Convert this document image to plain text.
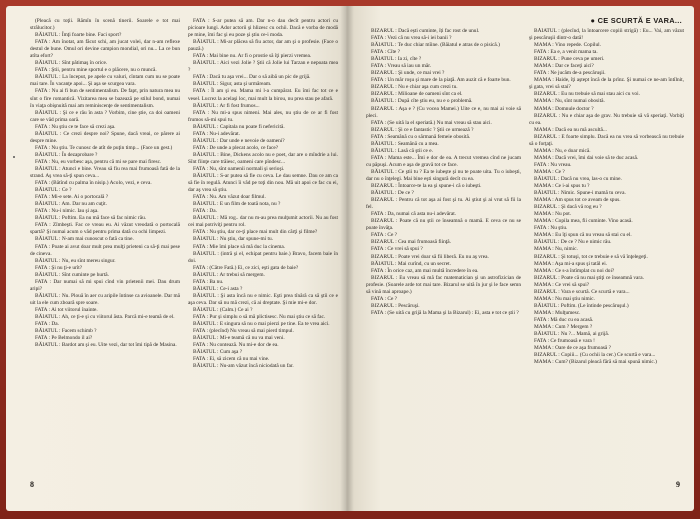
(Pleacă cu toţii. Rămîn în scenă tinerii. Soarele e tot mai strălucitor.)

BĂIATUL : Îmţi foarte bine. Faci sport?

FATA : Am înotat, am făcut schi, am jucat volei, dar n-am reflexe destul de bune. Omul ori devine campion mondial, ori nu... La ce bun atîta efort?

BĂIATUL : Sînt pătimaş în orice.

FATA : Ştii, pentru mine sportul e o plăcere, nu o muncă.

BĂIATUL : La început, pe apele cu valuri, cîntam cum nu se poate mai tare. În vacanţe apoi... Şi aşa se scurgea vara.

FATA : Nu ai fi bun de sentimentalism. De fapt, prin natura mea nu sînt o fire romantică. Vizitarea mea se bazează pe stilul bond, numai în viaţa obişnuită mai am reminiscenţe de sentimentalism.

BĂIATUL : Şi ce e rău în asta ? Vorbim, cine ştie, ca doi oameni care se văd prima oară.

FATA : Nu ştiu ce te face să crezi aşa.

BĂIATUL : Ce crezi despre noi? Spune, dacă vreai, ce părere ai despre mine.

FATA : Nu ştiu. Te cunosc de atît de puţin timp... (Face un gest.)

BĂIATUL : În dezaprobare ?

FATA : Nu, eu vorbesc aşa, pentru că mi se pare mai firesc.

BĂIATUL : Atunci e bine. Vreau să fiu rea mai frumoasă fată de la strand. Aş vrea să-ţi spun ceva...

FATA : (Bătînd cu palma în nisip.) Acolo, vezi, e ceva.

BĂIATUL : Ce ?

FATA : Mi-e sete. Ai o portocală ?

BĂIATUL : Am. Dar nu am cuţit.

FATA : Nu-i nimic. Iau şi aşa.

BĂIATUL : Poftim. Ea nu mă face să fac nimic rău.

FATA : Zîmbeşti. Fac ce vreau eu. Ai văzut vreodată o portocală spartă? Şi numai acum o văd pentru prima dată cu ochi limpezi.

BĂIATUL : N-am mai cunoscut o fată ca tine.

FATA : Poate ai avut doar mult prea mulţi prieteni ca să-ţi mai pese de cineva.

BĂIATUL : Nu, eu sînt mereu singur.

FATA : Şi nu ţi-e urît?

BĂIATUL : Sînt cuminte pe hurtă.

FATA : Dar numai să mi spui cînd vin prietenii mei. Dau drum aripi?

BĂIATUL : Nu. Plouă în aer cu aripile întinse ca avioanele. Dar mă uit la ele cum zboară spre soare.

FATA : Ai tot viitorul înainte.

BĂIATUL : Ah, ce ţi-e şi cu viitorul ăsta. Parcă mi-e teamă de el.

FATA : Da.

BĂIATUL : Facem schimb ?

FATA : Pe Belmondo il ai?

BĂIATUL : Bardot am şi eu. Uite vezi, dar tot îmi tipă de Masina.

FATA : S-ar putea să am. Dar n-o dau decît pentru actori cu picioare lungi. Ador actorii şi hlizesc cu ochii. Dacă e vorba de modă pe mine, îmi fac şi eu poze şi ştiu ce-i moda.

BĂIATUL : Mi-ar plăcea să fiu actor, dar am şi o profesie. (Face o pauză.)

FATA : Mai bine nu. Ar fi o prostie să îţi pierzi vremea.

BĂIATUL : Aici vezi Jolie ? Ştii că Jolie lui Tarzan e nepoata mea ?

FATA : Dacă tu aşa vrei... Dar o să aibă un pic de grijă.

BĂIATUL : Sigur, asta şi urmăream.

FATA : Îl am şi eu. Mama mi l-a cumpărat. Eu îmi fac tot ce e vesel. Lucrez la acelaşi loc, mai mult la birou, nu prea stau pe afară.

BĂIATUL : Ar fi fost frumos...

FATA : Nu mi-a spus nimeni. Mai ales, nu ştiu de ce ar fi fost frumos să-mi spui tu.

BĂIATUL : Capitala nu poate fi nefericită.

FATA : Nu-i adevărat.

BĂIATUL : Dar unde e nevoie de oameni?

FATA : De unde a plecat acolo, ce face?

BĂIATUL : Bine, Dickens acolo nu e poet, dar are o mîndrie a lui. Sînt fiinţe care trăiesc, oameni care pîndesc...

FATA : Nu, sînt oamenii normali şi serioşi.

BĂIATUL : S-ar putea să fie cu ceva. Le dau semne. Dau ce am ca să fie în regulă. Atunci îi văd pe toţi din nou. Mă uit apoi ce fac cu ei, dar aş vrea să ştiu.

FATA : Nu. Am văzut doar filmul.

BĂIATUL : E un film de toată nota, nu ?

FATA : Da.

BĂIATUL : Mă rog.. dar nu m-au prea mulţumit actorii. Nu au fost cei mai potriviţi pentru rol.

FATA : Nu ştiu, dar ce-ţi place mai mult din cărţi şi filme?

BĂIATUL : Nu ştiu, dar spune-mi tu.

FATA : Mie îmi place să mă duc la cinema.

BĂIATUL : (intră şi el, echipat pentru baie.) Bravo, facem baie în doi.

FATA : (Către Fată.) Ei, ce zici, eşti gata de baie?

BĂIATUL : Ar trebui să mergem.

FATA : Ba nu.

BĂIATUL : Ce-i asta ?

BĂIATUL : Şi asta încă nu e nimic. Eşti prea tînără ca să ştii ce e aşa ceva. Dar să nu mă crezi, că ai dreptate. Şi mie mi-e dor.

BĂIATUL : (Calm.) Ce ai ?

FATA : Pur şi simplu o să mă plictisesc. Nu mai ştiu ce să fac.

BĂIATUL : E singura să nu o mai pierzi pe tine. Ea te vrea aici.

FATA : (plecînd) Nu vreau să mai pierd timpul.

BĂIATUL : Mi-e teamă că nu va mai veni.

FATA : Nu contează. Nu mi-e dor de ea.

BĂIATUL : Cum aşa ?

FATA : Ei, să zicem că nu mai vine.

BĂIATUL : Nu-am văzut încă niciodată un far.

8
● CE SCURTĂ E VARA...

BIZARUL : Dacă ești cuminte, îți fac rost de unul.

FATA : Vezi că nu vrea să-i iei banii ?

BĂIATUL : Te duc chiar mîine. (Băiatul e atras de o pisică.)

FATA : Cîte ?

BĂIATUL : Ia zi, cîte ?

FATA : Vreau să iau un măr.

BIZARUL : Şi unde, ce mai vrei ?

FATA : Un măr roşu şi mare de la piaţă. Am auzit că e foarte bun.

BIZARUL : Nu e chiar aşa cum crezi tu.

BIZARUL : Milioane de oameni sînt ca el.

BĂIATUL : După cîte ştiu eu, nu e o problemă.

BIZARUL : Aşa e ? (Cu vocea Mamei.) Uite ce e, nu mai ai voie să pleci.

FATA : (Se uită la el speriată.) Nu mai vreau să stau aici.

BIZARUL : Şi ce e fantastic ? Ştii ce urmează ?

FATA : Seamănă cu o sărmană femeie obosită.

BĂIATUL : Seamănă cu a mea.

BĂIATUL : Lasă că ştii ce e.

FATA : Mama este... Îmi e dor de ea. A trecut vremea cînd ne jucam cu păpuşi. Acum e aşa de gravă tot ce face.

BĂIATUL : Ce ştii tu ? Ea te iubeşte şi nu te poate uita. Tu o iubeşti, dar nu o înţelegi. Mai bine eşti singură decît cu ea.

BIZARUL : Întoarce-te la ea şi spune-i că o iubeşti.

BĂIATUL : De ce ?

BIZARUL : Pentru că tot aşa ai fost şi tu. Ai ştiut şi ai vrut să fii la fel.

FATA : Da, numai că asta nu-i adevărat.

BIZARUL : Poate că nu ştii ce înseamnă o mamă. E ceva ce nu se poate învăţa.

FATA : Ce ?

BIZARUL : Cea mai frumoasă fiinţă.

FATA : Ce vrei să spui ?

BIZARUL : Poate vrei doar să fii liberă. Eu nu aş vrea.

BĂIATUL : Mai curînd, cu un secret.

FATA : În orice caz, am mai multă încredere în ea.

BIZARUL : Eu vreau să mă fac matematician şi un astrofizician de profesie. (Soarele arde tot mai tare. Bizarul se uită în jur şi le face semn să vină mai aproape.)

FATA : Ce ?

BIZARUL : Pescăruşi.

FATA : (Se uită cu grijă la Mama şi la Bizarul) : Ei, asta e tot ce ştii ?

BĂIATUL : (plecînd, la întoarcere copiii strigă) : Eu... Vai, am văzut şi pescăruşii dintr-o dată!

MAMA : Vino repede. Copilul.

FATA : Ea e, a venit mama ta.

BIZARUL : Pune ceva pe umeri.

MAMA : Dar ce faceţi aici?

FATA : Ne jucăm de-a pescăruşii.

MAMA : Haide, îţi aştept încă de la prînz. Şi numai ce ne-am întîlnit, şi gata, vrei să stai?

BIZARUL : Eu nu trebuie să mai stau aici cu voi.

MAMA : Nu, sînt numai obosită.

MAMA : Domnule doctor ?

BIZARUL : Nu e chiar aşa de grav. Nu trebuie să vă speriaţi. Vorbiţi cu ea.

MAMA : Dacă ea nu mă ascultă...

BIZARUL : E foarte simplu. Dacă ea nu vrea să vorbească nu trebuie să o forţaţi.

MAMA : Nu, e doar mică.

MAMA : Dacă vrei, îmi dai voie să te duc acasă.

FATA : Nu vreau.

MAMA : Ce ?

BĂIATUL : Dacă nu vrea, las-o cu mine.

MAMA : Ce i-ai spus tu ?

BĂIATUL : Nimic. Spune-i mamă tu ceva.

MAMA : Am spus tot ce aveam de spus.

BIZARUL : Şi dacă vă rog eu ?

MAMA : Nu pot.

MAMA : Copila mea, fii cuminte. Vino acasă.

FATA : Nu ştiu.

MAMA : Eu îţi spun că nu vreau să stai cu el.

BĂIATUL : De ce ? Nu e nimic rău.

MAMA : Nu, nimic.

BIZARUL : Şi totuşi, tot ce trebuie e să vă înţelegeţi.

MAMA : Aşa mi-a spus şi tatăl ei.

MAMA : Ce s-a întîmplat cu noi doi?

BIZARUL : Poate că nu mai ştiţi ce înseamnă vara.

MAMA : Ce vrei să spui?

BIZARUL : Vara e scurtă. Ce scurtă e vara...

MAMA : Nu mai ştiu nimic.

BĂIATUL : Poftim. (Le întinde pescăruşul.)

MAMA : Mulţumesc.

FATA : Mă duc cu ea acasă.

MAMA : Cum ? Mergem ?

BĂIATUL : Nu ?... Mamă, ai grijă.

FATA : Ce frumoasă e vara !

MAMA : Oare de ce aşa frumoasă ?

BIZARUL : Copiii... (Cu ochii la cer.) Ce scurtă e vara...

MAMA : Cum? (Bizarul pleacă fără să mai spună nimic.)

9
